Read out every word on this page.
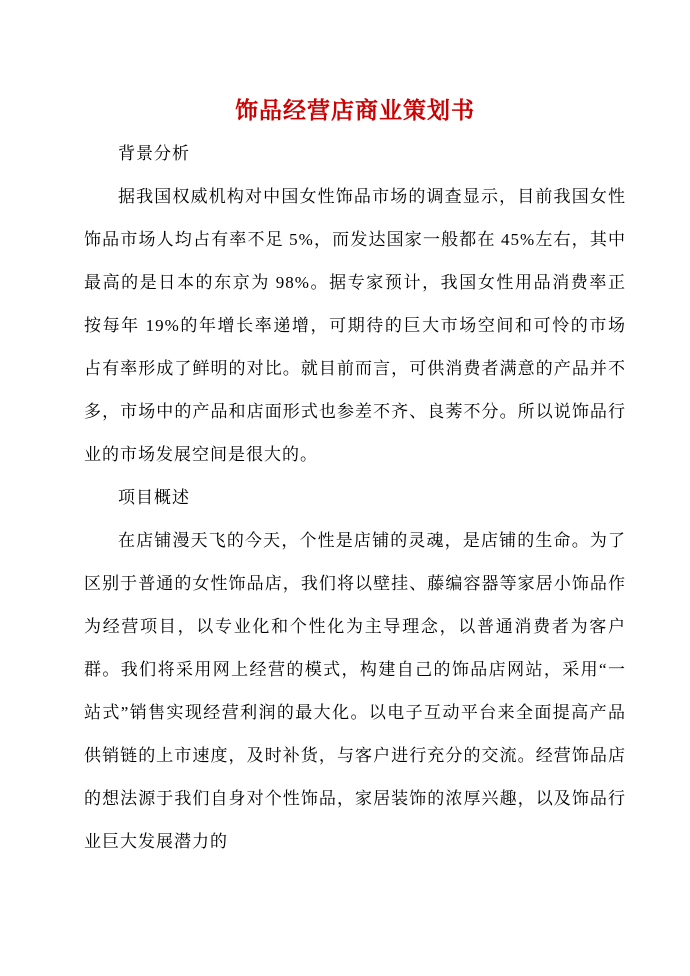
饰品经营店商业策划书
背景分析

据我国权威机构对中国女性饰品市场的调查显示，目前我国女性饰品市场人均占有率不足 5%，而发达国家一般都在 45%左右，其中最高的是日本的东京为 98%。据专家预计，我国女性用品消费率正按每年 19%的年增长率递增，可期待的巨大市场空间和可怜的市场占有率形成了鲜明的对比。就目前而言，可供消费者满意的产品并不多，市场中的产品和店面形式也参差不齐、良莠不分。所以说饰品行业的市场发展空间是很大的。

项目概述

在店铺漫天飞的今天，个性是店铺的灵魂，是店铺的生命。为了区别于普通的女性饰品店，我们将以壁挂、藤编容器等家居小饰品作为经营项目，以专业化和个性化为主导理念，以普通消费者为客户群。我们将采用网上经营的模式，构建自己的饰品店网站，采用“一站式”销售实现经营利润的最大化。以电子互动平台来全面提高产品供销链的上市速度，及时补货，与客户进行充分的交流。经营饰品店的想法源于我们自身对个性饰品，家居装饰的浓厚兴趣，以及饰品行业巨大发展潜力的
